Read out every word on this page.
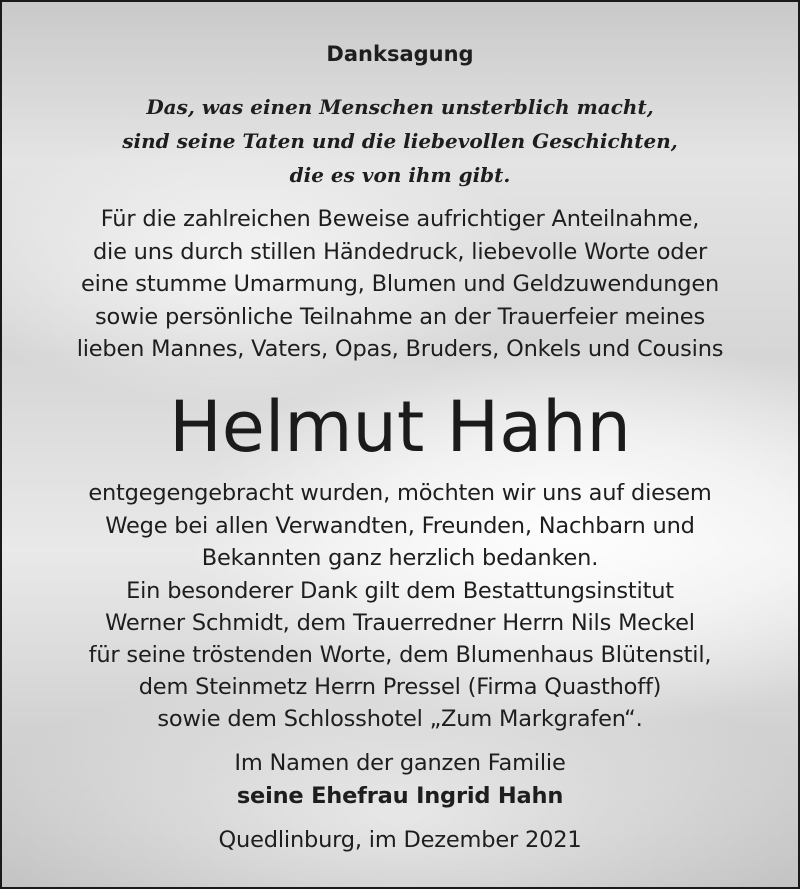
Danksagung
Das, was einen Menschen unsterblich macht,
sind seine Taten und die liebevollen Geschichten,
die es von ihm gibt.
Für die zahlreichen Beweise aufrichtiger Anteilnahme,
die uns durch stillen Händedruck, liebevolle Worte oder
eine stumme Umarmung, Blumen und Geldzuwendungen
sowie persönliche Teilnahme an der Trauerfeier meines
lieben Mannes, Vaters, Opas, Bruders, Onkels und Cousins
Helmut Hahn
entgegengebracht wurden, möchten wir uns auf diesem
Wege bei allen Verwandten, Freunden, Nachbarn und
Bekannten ganz herzlich bedanken.
Ein besonderer Dank gilt dem Bestattungsinstitut
Werner Schmidt, dem Trauerredner Herrn Nils Meckel
für seine tröstenden Worte, dem Blumenhaus Blütenstil,
dem Steinmetz Herrn Pressel (Firma Quasthoff)
sowie dem Schlosshotel „Zum Markgrafen“.
Im Namen der ganzen Familie
seine Ehefrau Ingrid Hahn
Quedlinburg, im Dezember 2021
